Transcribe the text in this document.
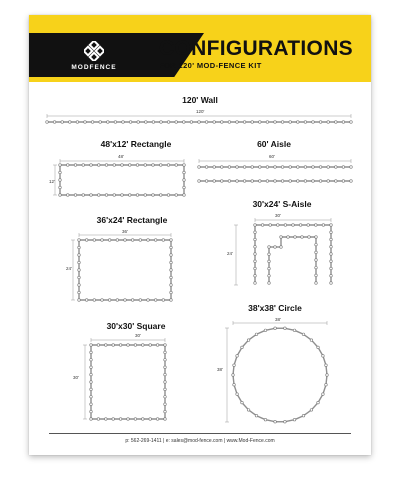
MODFENCE
CONFIGURATIONS
FOR 120' MOD-FENCE KIT
120' Wall
48'x12' Rectangle	60' Aisle
36'x24' Rectangle
30'x24' S-Aisle
30'x30' Square
38'x38' Circle
120'
48'
12'
60'
36'
24'
30'
24'
30'
30'
38'
38'
p: 562-269-1411 | e: sales@mod-fence.com | www.Mod-Fence.com
